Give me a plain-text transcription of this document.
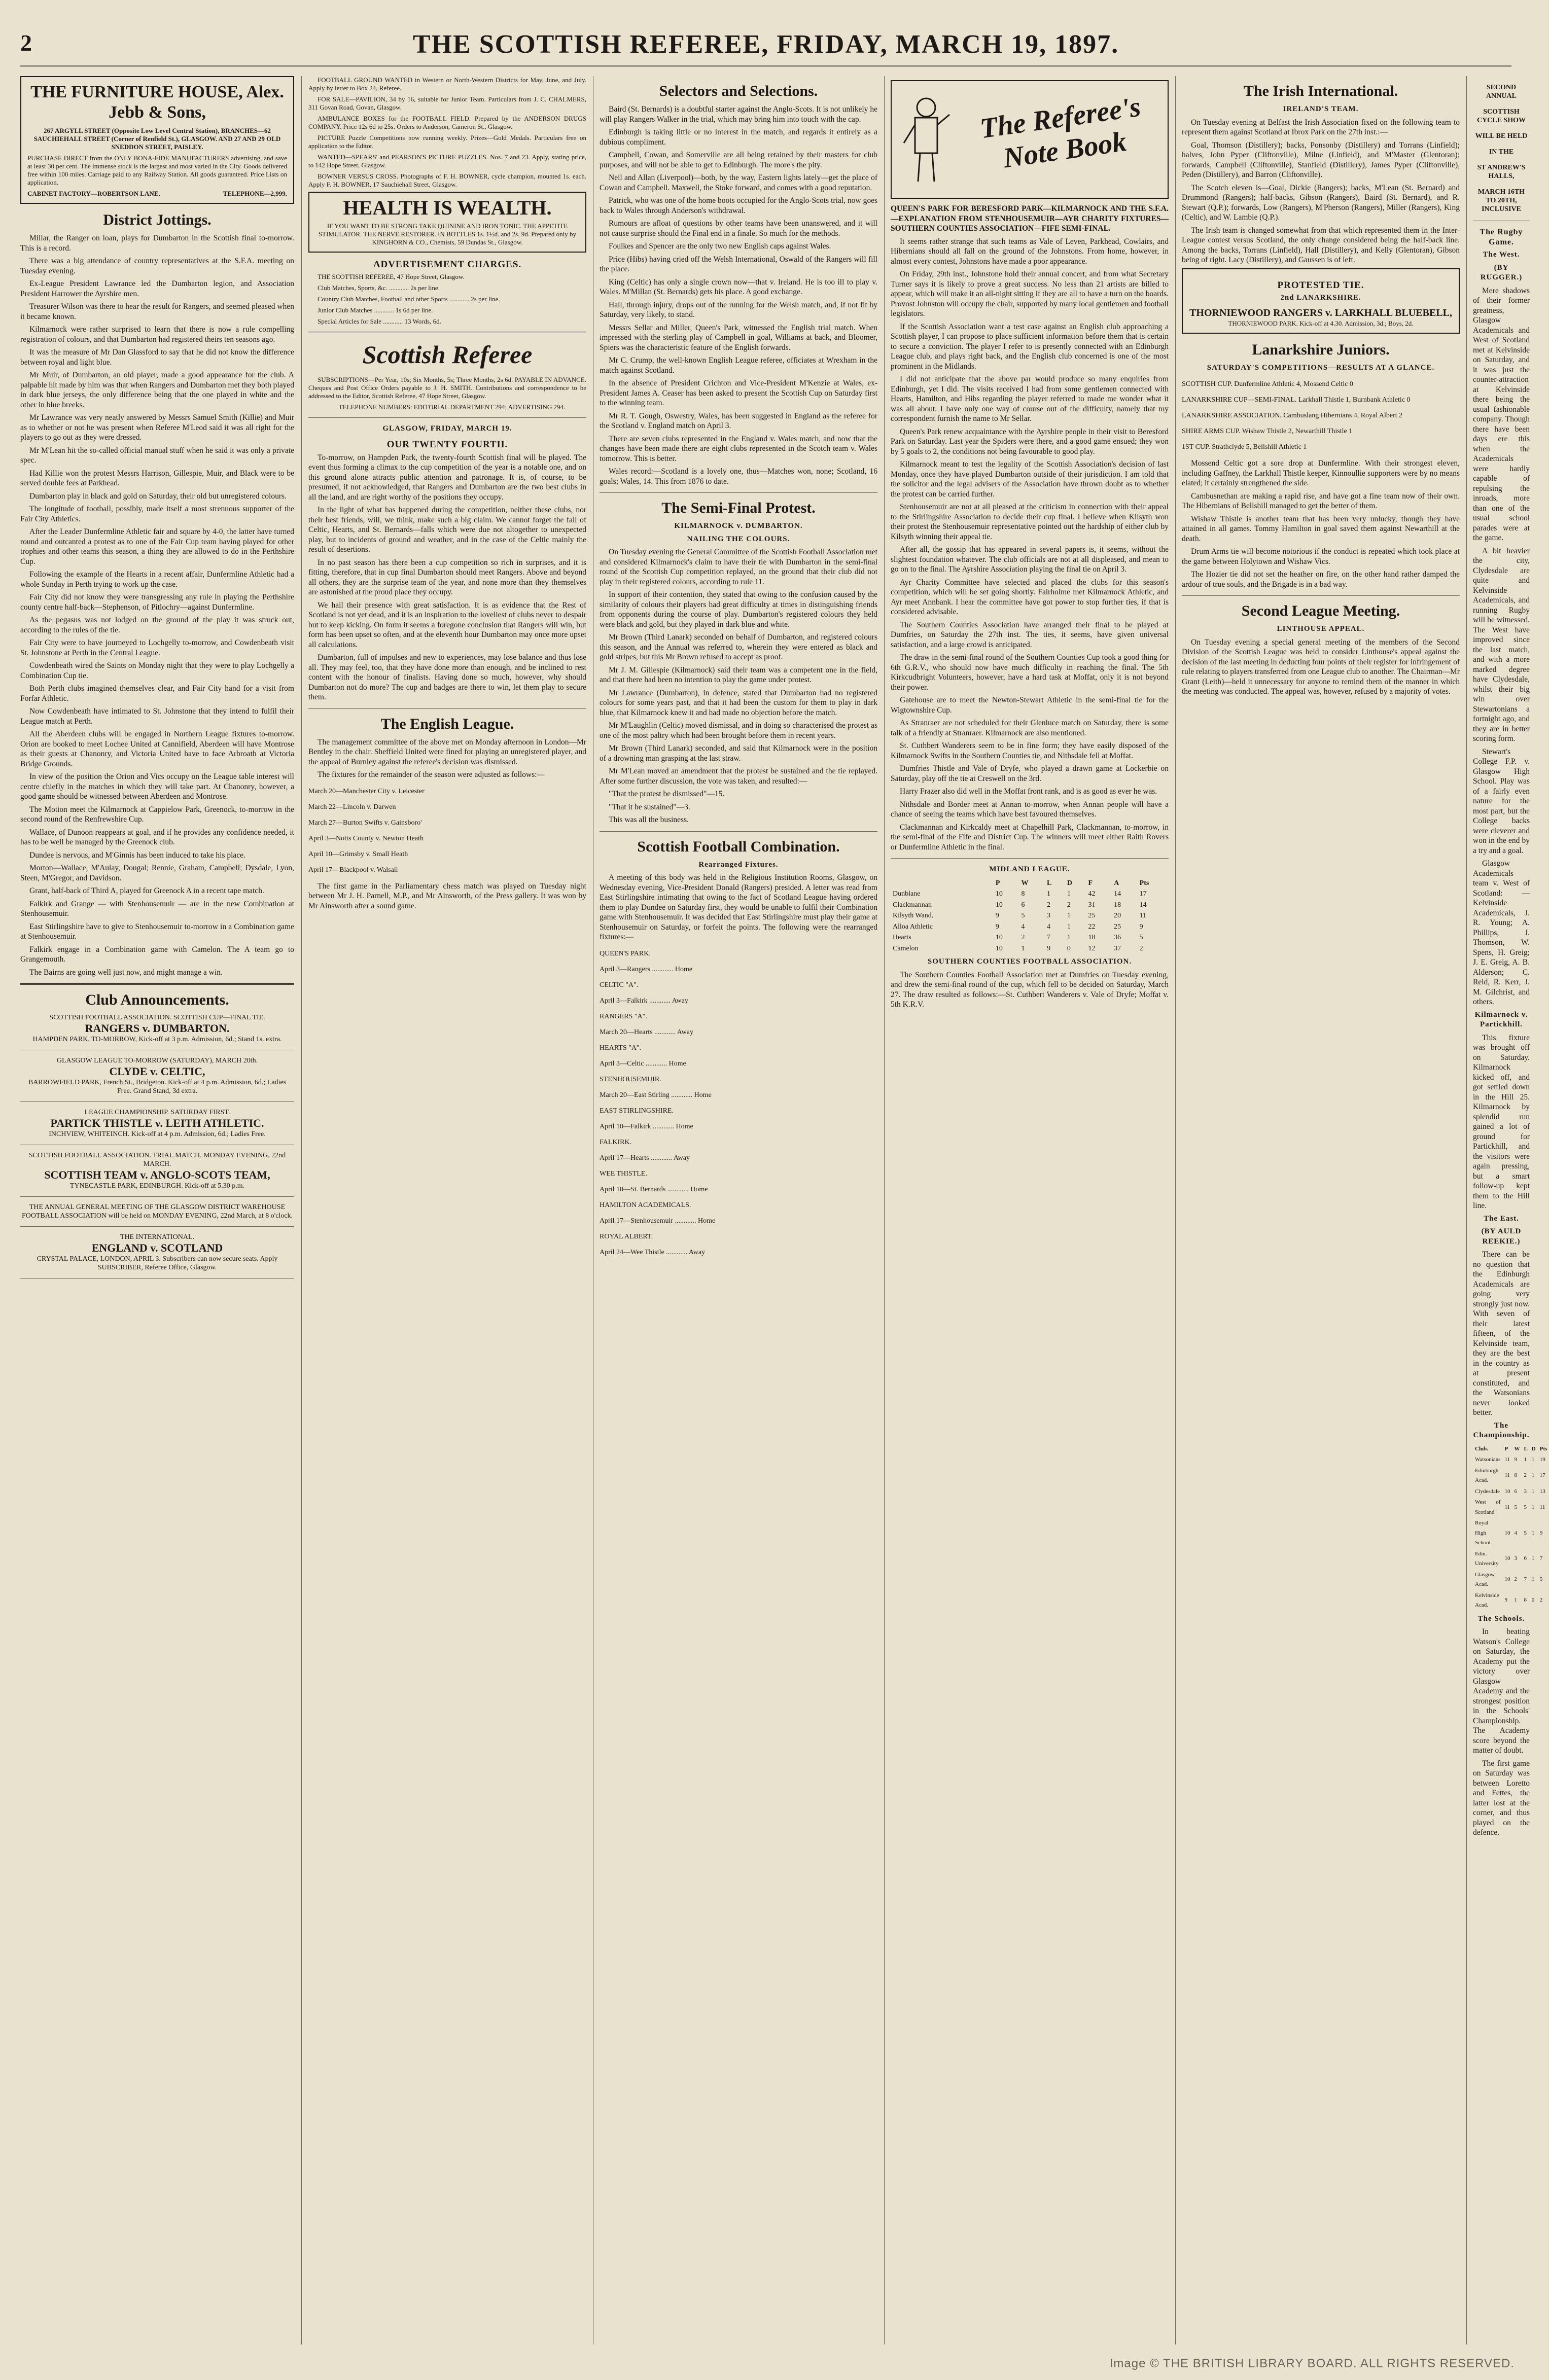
2	THE SCOTTISH REFEREE, FRIDAY, MARCH 19, 1897.
THE FURNITURE HOUSE, Alex. Jebb & Sons,
267 ARGYLL STREET (Opposite Low Level Central Station), BRANCHES—62 SAUCHIEHALL STREET (Corner of Renfield St.), GLASGOW. AND 27 AND 29 OLD SNEDDON STREET, PAISLEY.
PURCHASE DIRECT from the ONLY BONA-FIDE MANUFACTURERS advertising, and save at least 30 per cent. The immense stock is the largest and most varied in the City. Goods delivered free within 100 miles. Carriage paid to any Railway Station. All goods guaranteed. Price Lists on application.
CABINET FACTORY—ROBERTSON LANE.	TELEPHONE—2,999.
District Jottings.

Millar, the Ranger on loan, plays for Dumbarton in the Scottish final to-morrow. This is a record.

There was a big attendance of country representatives at the S.F.A. meeting on Tuesday evening.

Ex-League President Lawrance led the Dumbarton legion, and Association President Harrower the Ayrshire men.

Treasurer Wilson was there to hear the result for Rangers, and seemed pleased when it became known.

Kilmarnock were rather surprised to learn that there is now a rule compelling registration of colours, and that Dumbarton had registered theirs ten seasons ago.

It was the measure of Mr Dan Glassford to say that he did not know the difference between royal and light blue.

Mr Muir, of Dumbarton, an old player, made a good appearance for the club. A palpable hit made by him was that when Rangers and Dumbarton met they both played in dark blue jerseys, the only difference being that the one played in white and the other in blue breeks.

Mr Lawrance was very neatly answered by Messrs Samuel Smith (Killie) and Muir as to whether or not he was present when Referee M'Leod said it was all right for the players to go out as they were dressed.

Mr M'Lean hit the so-called official manual stuff when he said it was only a private spec.

Had Killie won the protest Messrs Harrison, Gillespie, Muir, and Black were to be served double fees at Parkhead.

Dumbarton play in black and gold on Saturday, their old but unregistered colours.

The longitude of football, possibly, made itself a most strenuous supporter of the Fair City Athletics.

After the Leader Dunfermline Athletic fair and square by 4-0, the latter have turned round and outcanted a protest as to one of the Fair Cup team having played for other trophies and other teams this season, a thing they are allowed to do in the Perthshire Cup.

Following the example of the Hearts in a recent affair, Dunfermline Athletic had a whole Sunday in Perth trying to work up the case.

Fair City did not know they were transgressing any rule in playing the Perthshire county centre half-back—Stephenson, of Pitlochry—against Dunfermline.

As the pegasus was not lodged on the ground of the play it was struck out, according to the rules of the tie.

Fair City were to have journeyed to Lochgelly to-morrow, and Cowdenbeath visit St. Johnstone at Perth in the Central League.

Cowdenbeath wired the Saints on Monday night that they were to play Lochgelly a Combination Cup tie.

Both Perth clubs imagined themselves clear, and Fair City hand for a visit from Forfar Athletic.

Now Cowdenbeath have intimated to St. Johnstone that they intend to fulfil their League match at Perth.

All the Aberdeen clubs will be engaged in Northern League fixtures to-morrow. Orion are booked to meet Lochee United at Cannifield, Aberdeen will have Montrose as their guests at Chanonry, and Victoria United have to face Arbroath at Victoria Bridge Grounds.

In view of the position the Orion and Vics occupy on the League table interest will centre chiefly in the matches in which they will take part. At Chanonry, however, a good game should be witnessed between Aberdeen and Montrose.

The Motion meet the Kilmarnock at Cappielow Park, Greenock, to-morrow in the second round of the Renfrewshire Cup.

Wallace, of Dunoon reappears at goal, and if he provides any confidence needed, it has to be well be managed by the Greenock club.

Dundee is nervous, and M'Ginnis has been induced to take his place.

Morton—Wallace, M'Aulay, Dougal; Rennie, Graham, Campbell; Dysdale, Lyon, Steen, M'Gregor, and Davidson.

Grant, half-back of Third A, played for Greenock A in a recent tape match.

Falkirk and Grange — with Stenhousemuir — are in the new Combination at Stenhousemuir.

East Stirlingshire have to give to Stenhousemuir to-morrow in a Combination game at Stenhousemuir.

Falkirk engage in a Combination game with Camelon. The A team go to Grangemouth.

The Bairns are going well just now, and might manage a win.

Club Announcements.
SCOTTISH FOOTBALL ASSOCIATION. SCOTTISH CUP—FINAL TIE.
RANGERS v. DUMBARTON.
HAMPDEN PARK, TO-MORROW, Kick-off at 3 p.m. Admission, 6d.; Stand 1s. extra.
GLASGOW LEAGUE TO-MORROW (SATURDAY), MARCH 20th.
CLYDE v. CELTIC,
BARROWFIELD PARK, French St., Bridgeton. Kick-off at 4 p.m. Admission, 6d.; Ladies Free. Grand Stand, 3d extra.
LEAGUE CHAMPIONSHIP. SATURDAY FIRST.
PARTICK THISTLE v. LEITH ATHLETIC.
INCHVIEW, WHITEINCH. Kick-off at 4 p.m. Admission, 6d.; Ladies Free.
SCOTTISH FOOTBALL ASSOCIATION. TRIAL MATCH. MONDAY EVENING, 22nd MARCH.
SCOTTISH TEAM v. ANGLO-SCOTS TEAM,
TYNECASTLE PARK, EDINBURGH. Kick-off at 5.30 p.m.
THE ANNUAL GENERAL MEETING OF THE GLASGOW DISTRICT WAREHOUSE FOOTBALL ASSOCIATION will be held on MONDAY EVENING, 22nd March, at 8 o'clock.
THE INTERNATIONAL.
ENGLAND v. SCOTLAND
CRYSTAL PALACE, LONDON, APRIL 3. Subscribers can now secure seats. Apply SUBSCRIBER, Referee Office, Glasgow.

FOOTBALL GROUND WANTED in Western or North-Western Districts for May, June, and July. Apply by letter to Box 24, Referee.

FOR SALE—PAVILION, 34 by 16, suitable for Junior Team. Particulars from J. C. CHALMERS, 311 Govan Road, Govan, Glasgow.

AMBULANCE BOXES for the FOOTBALL FIELD. Prepared by the ANDERSON DRUGS COMPANY. Price 12s 6d to 25s. Orders to Anderson, Cameron St., Glasgow.

PICTURE Puzzle Competitions now running weekly. Prizes—Gold Medals. Particulars free on application to the Editor.

WANTED—SPEARS' and PEARSON'S PICTURE PUZZLES. Nos. 7 and 23. Apply, stating price, to 142 Hope Street, Glasgow.

BOWNER VERSUS CROSS. Photographs of F. H. BOWNER, cycle champion, mounted 1s. each. Apply F. H. BOWNER, 17 Sauchiehall Street, Glasgow.

HEALTH IS WEALTH.
IF YOU WANT TO BE STRONG TAKE QUININE AND IRON TONIC. THE APPETITE STIMULATOR. THE NERVE RESTORER. IN BOTTLES 1s. 1½d. and 2s. 9d. Prepared only by KINGHORN & CO., Chemists, 59 Dundas St., Glasgow.
ADVERTISEMENT CHARGES.

THE SCOTTISH REFEREE, 47 Hope Street, Glasgow.

Club Matches, Sports, &c. ............ 2s per line.

Country Club Matches, Football and other Sports ............ 2s per line.

Junior Club Matches ............ 1s 6d per line.

Special Articles for Sale ............ 13 Words, 6d.

Scottish Referee

SUBSCRIPTIONS—Per Year, 10s; Six Months, 5s; Three Months, 2s 6d. PAYABLE IN ADVANCE. Cheques and Post Office Orders payable to J. H. SMITH. Contributions and correspondence to be addressed to the Editor, Scottish Referee, 47 Hope Street, Glasgow.

TELEPHONE NUMBERS: EDITORIAL DEPARTMENT 294; ADVERTISING 294.

GLASGOW, FRIDAY, MARCH 19.
OUR TWENTY FOURTH.

To-morrow, on Hampden Park, the twenty-fourth Scottish final will be played. The event thus forming a climax to the cup competition of the year is a notable one, and on this ground alone attracts public attention and patronage. It is, of course, to be presumed, if not acknowledged, that Rangers and Dumbarton are the two best clubs in all the land, and are right worthy of the positions they occupy.

In the light of what has happened during the competition, neither these clubs, nor their best friends, will, we think, make such a big claim. We cannot forget the fall of Celtic, Hearts, and St. Bernards—falls which were due not altogether to unexpected play, but to incidents of ground and weather, and in the case of the Celtic mainly the result of desertions.

In no past season has there been a cup competition so rich in surprises, and it is fitting, therefore, that in cup final Dumbarton should meet Rangers. Above and beyond all others, they are the surprise team of the year, and none more than they themselves are astonished at the proud place they occupy.

We hail their presence with great satisfaction. It is as evidence that the Rest of Scotland is not yet dead, and it is an inspiration to the loveliest of clubs never to despair but to keep kicking. On form it seems a foregone conclusion that Rangers will win, but form has been upset so often, and at the eleventh hour Dumbarton may once more upset all calculations.

Dumbarton, full of impulses and new to experiences, may lose balance and thus lose all. They may feel, too, that they have done more than enough, and be inclined to rest content with the honour of finalists. Having done so much, however, why should Dumbarton not do more? The cup and badges are there to win, let them play to secure them.

The English League.

The management committee of the above met on Monday afternoon in London—Mr Bentley in the chair. Sheffield United were fined for playing an unregistered player, and the appeal of Burnley against the referee's decision was dismissed.

The fixtures for the remainder of the season were adjusted as follows:—

March 20—Manchester City v. Leicester

March 22—Lincoln v. Darwen

March 27—Burton Swifts v. Gainsboro'

April 3—Notts County v. Newton Heath

April 10—Grimsby v. Small Heath

April 17—Blackpool v. Walsall

The first game in the Parliamentary chess match was played on Tuesday night between Mr J. H. Parnell, M.P., and Mr Ainsworth, of the Press gallery. It was won by Mr Ainsworth after a sound game.

Selectors and Selections.

Baird (St. Bernards) is a doubtful starter against the Anglo-Scots. It is not unlikely he will play Rangers Walker in the trial, which may bring him into touch with the cap.

Edinburgh is taking little or no interest in the match, and regards it entirely as a dubious compliment.

Campbell, Cowan, and Somerville are all being retained by their masters for club purposes, and will not be able to get to Edinburgh. The more's the pity.

Neil and Allan (Liverpool)—both, by the way, Eastern lights lately—get the place of Cowan and Campbell. Maxwell, the Stoke forward, and comes with a good reputation.

Patrick, who was one of the home boots occupied for the Anglo-Scots trial, now goes back to Wales through Anderson's withdrawal.

Rumours are afloat of questions by other teams have been unanswered, and it will not cause surprise should the Final end in a finale. So much for the methods.

Foulkes and Spencer are the only two new English caps against Wales.

Price (Hibs) having cried off the Welsh International, Oswald of the Rangers will fill the place.

King (Celtic) has only a single crown now—that v. Ireland. He is too ill to play v. Wales. M'Millan (St. Bernards) gets his place. A good exchange.

Hall, through injury, drops out of the running for the Welsh match, and, if not fit by Saturday, very likely, to stand.

Messrs Sellar and Miller, Queen's Park, witnessed the English trial match. When impressed with the sterling play of Campbell in goal, Williams at back, and Bloomer, Spiers was the characteristic feature of the English forwards.

Mr C. Crump, the well-known English League referee, officiates at Wrexham in the match against Scotland.

In the absence of President Crichton and Vice-President M'Kenzie at Wales, ex-President James A. Ceaser has been asked to present the Scottish Cup on Saturday first to the winning team.

Mr R. T. Gough, Oswestry, Wales, has been suggested in England as the referee for the Scotland v. England match on April 3.

There are seven clubs represented in the England v. Wales match, and now that the changes have been made there are eight clubs represented in the Scotch team v. Wales tomorrow. This is better.

Wales record:—Scotland is a lovely one, thus—Matches won, none; Scotland, 16 goals; Wales, 14. This from 1876 to date.

The Semi-Final Protest.
KILMARNOCK v. DUMBARTON.
NAILING THE COLOURS.

On Tuesday evening the General Committee of the Scottish Football Association met and considered Kilmarnock's claim to have their tie with Dumbarton in the semi-final round of the Scottish Cup competition replayed, on the ground that their club did not play in their registered colours, according to rule 11.

In support of their contention, they stated that owing to the confusion caused by the similarity of colours their players had great difficulty at times in distinguishing friends from opponents during the course of play. Dumbarton's registered colours they held were black and gold, but they played in dark blue and white.

Mr Brown (Third Lanark) seconded on behalf of Dumbarton, and registered colours this season, and the Annual was referred to, wherein they were entered as black and gold stripes, but this Mr Brown refused to accept as proof.

Mr J. M. Gillespie (Kilmarnock) said their team was a competent one in the field, and that there had been no intention to play the game under protest.

Mr Lawrance (Dumbarton), in defence, stated that Dumbarton had no registered colours for some years past, and that it had been the custom for them to play in dark blue, that Kilmarnock knew it and had made no objection before the match.

Mr M'Laughlin (Celtic) moved dismissal, and in doing so characterised the protest as one of the most paltry which had been brought before them in recent years.

Mr Brown (Third Lanark) seconded, and said that Kilmarnock were in the position of a drowning man grasping at the last straw.

Mr M'Lean moved an amendment that the protest be sustained and the tie replayed. After some further discussion, the vote was taken, and resulted:—

"That the protest be dismissed"—15.

"That it be sustained"—3.

This was all the business.

Scottish Football Combination.
Rearranged Fixtures.

A meeting of this body was held in the Religious Institution Rooms, Glasgow, on Wednesday evening, Vice-President Donald (Rangers) presided. A letter was read from East Stirlingshire intimating that owing to the fact of Scotland League having ordered them to play Dundee on Saturday first, they would be unable to fulfil their Combination game with Stenhousemuir. It was decided that East Stirlingshire must play their game at Stenhousemuir on Saturday, or forfeit the points. The following were the rearranged fixtures:—

QUEEN'S PARK.

April 3—Rangers ............ Home

CELTIC "A".

April 3—Falkirk ............ Away

RANGERS "A".

March 20—Hearts ............ Away

HEARTS "A".

April 3—Celtic ............ Home

STENHOUSEMUIR.

March 20—East Stirling ............ Home

EAST STIRLINGSHIRE.

April 10—Falkirk ............ Home

FALKIRK.

April 17—Hearts ............ Away

WEE THISTLE.

April 10—St. Bernards ............ Home

HAMILTON ACADEMICALS.

April 17—Stenhousemuir ............ Home

ROYAL ALBERT.

April 24—Wee Thistle ............ Away

The Referee's Note Book

QUEEN'S PARK FOR BERESFORD PARK—KILMARNOCK AND THE S.F.A.—EXPLANATION FROM STENHOUSEMUIR—AYR CHARITY FIXTURES—SOUTHERN COUNTIES ASSOCIATION—FIFE SEMI-FINAL.

It seems rather strange that such teams as Vale of Leven, Parkhead, Cowlairs, and Hibernians should all fall on the ground of the Johnstons. From home, however, in almost every contest, Johnstons have made a poor appearance.

On Friday, 29th inst., Johnstone hold their annual concert, and from what Secretary Turner says it is likely to prove a great success. No less than 21 artists are billed to appear, which will make it an all-night sitting if they are all to have a turn on the boards. Provost Johnston will occupy the chair, supported by many local gentlemen and football legislators.

If the Scottish Association want a test case against an English club approaching a Scottish player, I can propose to place sufficient information before them that is certain to secure a conviction. The player I refer to is presently connected with an Edinburgh League club, and plays right back, and the English club concerned is one of the most prominent in the Midlands.

I did not anticipate that the above par would produce so many enquiries from Edinburgh, yet I did. The visits received I had from some gentlemen connected with Hearts, Hamilton, and Hibs regarding the player referred to made me wonder what it was all about. I have only one way of course out of the difficulty, namely that my correspondent furnish the name to Mr Sellar.

Queen's Park renew acquaintance with the Ayrshire people in their visit to Beresford Park on Saturday. Last year the Spiders were there, and a good game ensued; they won by 5 goals to 2, the conditions not being favourable to good play.

Kilmarnock meant to test the legality of the Scottish Association's decision of last Monday, once they have played Dumbarton outside of their jurisdiction. I am told that the solicitor and the legal advisers of the Association have thrown doubt as to whether the protest can be carried further.

Stenhousemuir are not at all pleased at the criticism in connection with their appeal to the Stirlingshire Association to decide their cup final. I believe when Kilsyth won their protest the Stenhousemuir representative pointed out the hardship of either club by Kilsyth winning their appeal tie.

After all, the gossip that has appeared in several papers is, it seems, without the slightest foundation whatever. The club officials are not at all displeased, and mean to go on to the final. The Ayrshire Association playing the final tie on April 3.

Ayr Charity Committee have selected and placed the clubs for this season's competition, which will be set going shortly. Fairholme met Kilmarnock Athletic, and Ayr meet Annbank. I hear the committee have got power to stop further ties, if that is considered advisable.

The Southern Counties Association have arranged their final to be played at Dumfries, on Saturday the 27th inst. The ties, it seems, have given universal satisfaction, and a large crowd is anticipated.

The draw in the semi-final round of the Southern Counties Cup took a good thing for 6th G.R.V., who should now have much difficulty in reaching the final. The 5th Kirkcudbright Volunteers, however, have a hard task at Moffat, only it is not beyond their power.

Gatehouse are to meet the Newton-Stewart Athletic in the semi-final tie for the Wigtownshire Cup.

As Stranraer are not scheduled for their Glenluce match on Saturday, there is some talk of a friendly at Stranraer. Kilmarnock are also mentioned.

St. Cuthbert Wanderers seem to be in fine form; they have easily disposed of the Kilmarnock Swifts in the Southern Counties tie, and Nithsdale fell at Moffat.

Dumfries Thistle and Vale of Dryfe, who played a drawn game at Lockerbie on Saturday, play off the tie at Creswell on the 3rd.

Harry Frazer also did well in the Moffat front rank, and is as good as ever he was.

Nithsdale and Border meet at Annan to-morrow, when Annan people will have a chance of seeing the teams which have best favoured themselves.

Clackmannan and Kirkcaldy meet at Chapelhill Park, Clackmannan, to-morrow, in the semi-final of the Fife and District Cup. The winners will meet either Raith Rovers or Dunfermline Athletic in the final.

MIDLAND LEAGUE.
	P	W	L	D	F	A	Pts
Dunblane	10	8	1	1	42	14	17
Clackmannan	10	6	2	2	31	18	14
Kilsyth Wand.	9	5	3	1	25	20	11
Alloa Athletic	9	4	4	1	22	25	9
Hearts	10	2	7	1	18	36	5
Camelon	10	1	9	0	12	37	2
SOUTHERN COUNTIES FOOTBALL ASSOCIATION.

The Southern Counties Football Association met at Dumfries on Tuesday evening, and drew the semi-final round of the cup, which fell to be decided on Saturday, March 27. The draw resulted as follows:—St. Cuthbert Wanderers v. Vale of Dryfe; Moffat v. 5th K.R.V.

The Irish International.
IRELAND'S TEAM.

On Tuesday evening at Belfast the Irish Association fixed on the following team to represent them against Scotland at Ibrox Park on the 27th inst.:—

Goal, Thomson (Distillery); backs, Ponsonby (Distillery) and Torrans (Linfield); halves, John Pyper (Cliftonville), Milne (Linfield), and M'Master (Glentoran); forwards, Campbell (Cliftonville), Stanfield (Distillery), James Pyper (Cliftonville), Peden (Distillery), and Barron (Cliftonville).

The Scotch eleven is—Goal, Dickie (Rangers); backs, M'Lean (St. Bernard) and Drummond (Rangers); half-backs, Gibson (Rangers), Baird (St. Bernard), and R. Stewart (Q.P.); forwards, Low (Rangers), M'Pherson (Rangers), Miller (Rangers), King (Celtic), and W. Lambie (Q.P.).

The Irish team is changed somewhat from that which represented them in the Inter-League contest versus Scotland, the only change considered being the half-back line. Among the backs, Torrans (Linfield), Hall (Distillery), and Kelly (Glentoran), Gibson being of right. Lacy (Distillery), and Gaussen is of left.

PROTESTED TIE.
2nd LANARKSHIRE.
THORNIEWOOD RANGERS v. LARKHALL BLUEBELL,
THORNIEWOOD PARK. Kick-off at 4.30. Admission, 3d.; Boys, 2d.
Lanarkshire Juniors.
SATURDAY'S COMPETITIONS—RESULTS AT A GLANCE.

SCOTTISH CUP. Dunfermline Athletic 4, Mossend Celtic 0

LANARKSHIRE CUP—SEMI-FINAL. Larkhall Thistle 1, Burnbank Athletic 0

LANARKSHIRE ASSOCIATION. Cambuslang Hibernians 4, Royal Albert 2

SHIRE ARMS CUP. Wishaw Thistle 2, Newarthill Thistle 1

1ST CUP. Strathclyde 5, Bellshill Athletic 1

Mossend Celtic got a sore drop at Dunfermline. With their strongest eleven, including Gaffney, the Larkhall Thistle keeper, Kinnoullie supporters were by no means elated; it certainly strengthened the side.

Cambusnethan are making a rapid rise, and have got a fine team now of their own. The Hibernians of Bellshill managed to get the better of them.

Wishaw Thistle is another team that has been very unlucky, though they have attained in all games. Tommy Hamilton in goal saved them against Newarthill at the death.

Drum Arms tie will become notorious if the conduct is repeated which took place at the game between Holytown and Wishaw Vics.

The Hozier tie did not set the heather on fire, on the other hand rather damped the ardour of true souls, and the Brigade is in a bad way.

Second League Meeting.
LINTHOUSE APPEAL.

On Tuesday evening a special general meeting of the members of the Second Division of the Scottish League was held to consider Linthouse's appeal against the decision of the last meeting in deducting four points of their register for infringement of rule relating to players transferred from one League club to another. The Chairman—Mr Grant (Leith)—held it unnecessary for anyone to remind them of the manner in which the meeting was conducted. The appeal was, however, refused by a majority of votes.

SECOND ANNUAL

SCOTTISH CYCLE SHOW

WILL BE HELD

IN THE

ST ANDREW'S HALLS,

MARCH 16TH TO 20TH, INCLUSIVE

The Rugby Game.
The West.
(BY RUGGER.)

Mere shadows of their former greatness, Glasgow Academicals and West of Scotland met at Kelvinside on Saturday, and it was just the counter-attraction at Kelvinside there being the usual fashionable company. Though there have been days ere this when the Academicals were hardly capable of repulsing the inroads, more than one of the usual school parades were at the game.

A bit heavier the city, Clydesdale are quite and Kelvinside Academicals, and running Rugby will be witnessed. The West have improved since the last match, and with a more marked degree have Clydesdale, whilst their big win over Stewartonians a fortnight ago, and they are in better scoring form.

Stewart's College F.P. v. Glasgow High School. Play was of a fairly even nature for the most part, but the College backs were cleverer and won in the end by a try and a goal.

Glasgow Academicals team v. West of Scotland: — Kelvinside Academicals, J. R. Young; A. Phillips, J. Thomson, W. Spens, H. Greig; J. E. Greig, A. B. Alderson; C. Reid, R. Kerr, J. M. Gilchrist, and others.

Kilmarnock v. Partickhill.

This fixture was brought off on Saturday. Kilmarnock kicked off, and got settled down in the Hill 25. Kilmarnock by splendid run gained a lot of ground for Partickhill, and the visitors were again pressing, but a smart follow-up kept them to the Hill line.

The East.
(BY AULD REEKIE.)

There can be no question that the Edinburgh Academicals are going very strongly just now. With seven of their latest fifteen, of the Kelvinside team, they are the best in the country as at present constituted, and the Watsonians never looked better.

The Championship.
Club.	P	W	L	D	Pts
Watsonians	11	9	1	1	19
Edinburgh Acad.	11	8	2	1	17
Clydesdale	10	6	3	1	13
West of Scotland	11	5	5	1	11
Royal High School	10	4	5	1	9
Edin. University	10	3	6	1	7
Glasgow Acad.	10	2	7	1	5
Kelvinside Acad.	9	1	8	0	2
The Schools.

In beating Watson's College on Saturday, the Academy put the victory over Glasgow Academy and the strongest position in the Schools' Championship. The Academy score beyond the matter of doubt.

The first game on Saturday was between Loretto and Fettes, the latter lost at the corner, and thus played on the defence.

Image © THE BRITISH LIBRARY BOARD. ALL RIGHTS RESERVED.
